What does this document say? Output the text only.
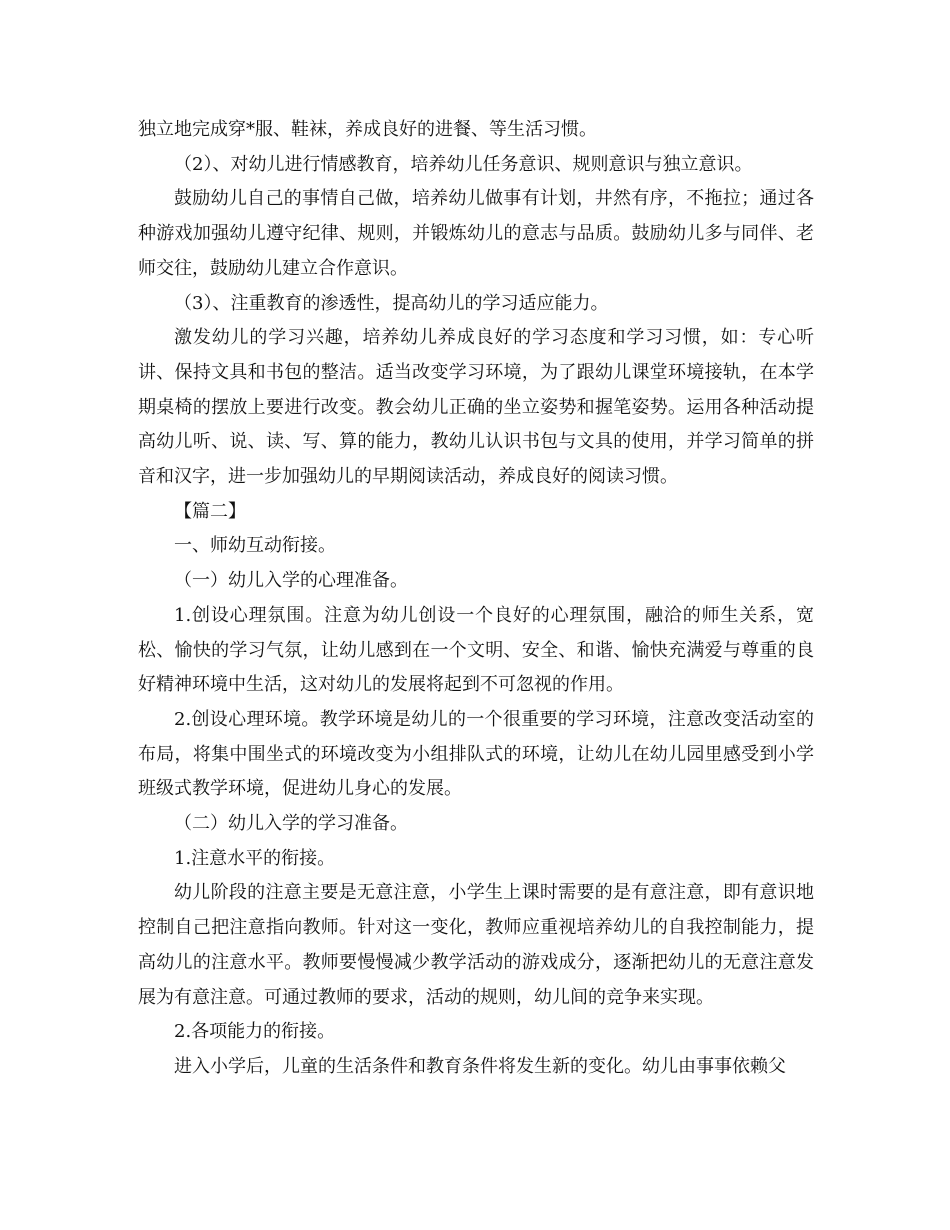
独立地完成穿*服、鞋袜，养成良好的进餐、等生活习惯。

（2）、对幼儿进行情感教育，培养幼儿任务意识、规则意识与独立意识。

鼓励幼儿自己的事情自己做，培养幼儿做事有计划，井然有序，不拖拉；通过各种游戏加强幼儿遵守纪律、规则，并锻炼幼儿的意志与品质。鼓励幼儿多与同伴、老师交往，鼓励幼儿建立合作意识。

（3）、注重教育的渗透性，提高幼儿的学习适应能力。

激发幼儿的学习兴趣，培养幼儿养成良好的学习态度和学习习惯，如：专心听讲、保持文具和书包的整洁。适当改变学习环境，为了跟幼儿课堂环境接轨，在本学期桌椅的摆放上要进行改变。教会幼儿正确的坐立姿势和握笔姿势。运用各种活动提高幼儿听、说、读、写、算的能力，教幼儿认识书包与文具的使用，并学习简单的拼音和汉字，进一步加强幼儿的早期阅读活动，养成良好的阅读习惯。

【篇二】

一、师幼互动衔接。

（一）幼儿入学的心理准备。

1.创设心理氛围。注意为幼儿创设一个良好的心理氛围，融洽的师生关系，宽松、愉快的学习气氛，让幼儿感到在一个文明、安全、和谐、愉快充满爱与尊重的良好精神环境中生活，这对幼儿的发展将起到不可忽视的作用。

2.创设心理环境。教学环境是幼儿的一个很重要的学习环境，注意改变活动室的布局，将集中围坐式的环境改变为小组排队式的环境，让幼儿在幼儿园里感受到小学班级式教学环境，促进幼儿身心的发展。

（二）幼儿入学的学习准备。

1.注意水平的衔接。

幼儿阶段的注意主要是无意注意，小学生上课时需要的是有意注意，即有意识地控制自己把注意指向教师。针对这一变化，教师应重视培养幼儿的自我控制能力，提高幼儿的注意水平。教师要慢慢减少教学活动的游戏成分，逐渐把幼儿的无意注意发展为有意注意。可通过教师的要求，活动的规则，幼儿间的竞争来实现。

2.各项能力的衔接。

进入小学后，儿童的生活条件和教育条件将发生新的变化。幼儿由事事依赖父
